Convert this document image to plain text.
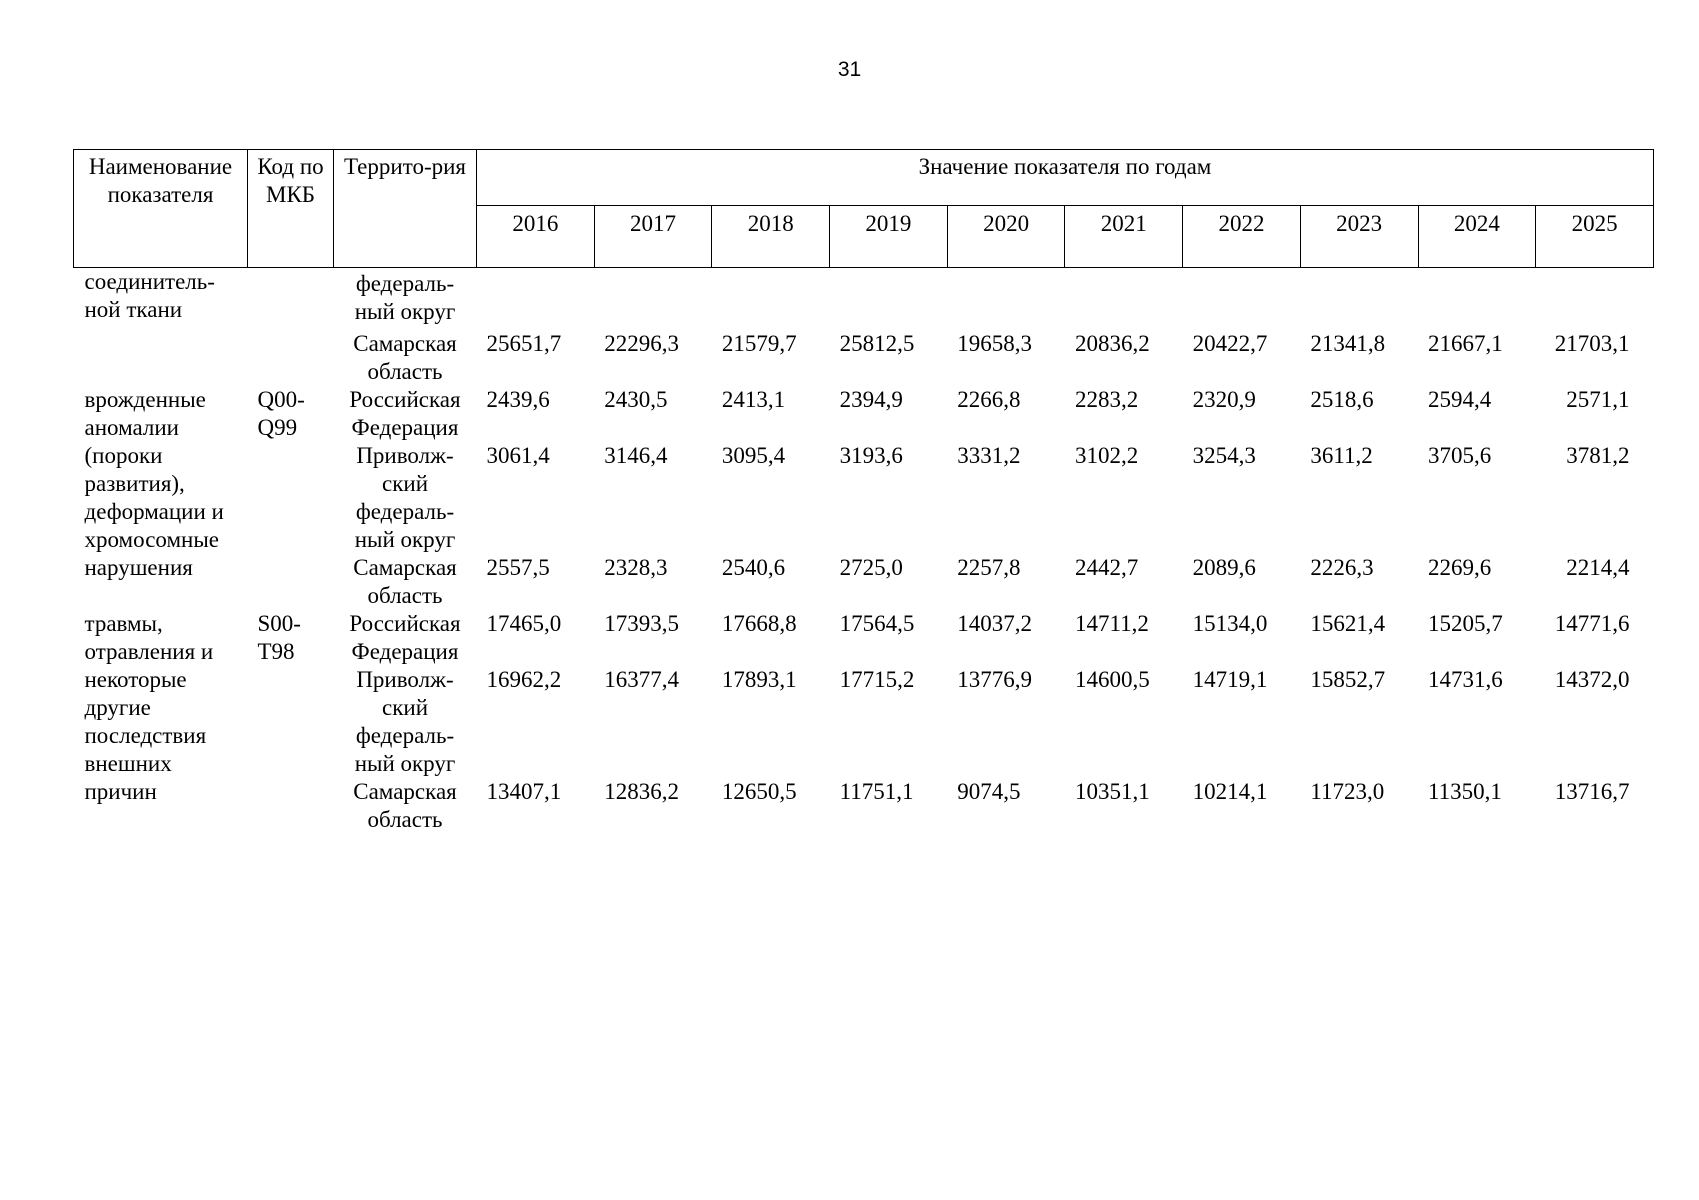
31
Наименование показателя	Код по МКБ	Террито-рия	Значение показателя по годам									
			2016	2017	2018	2019	2020	2021	2022	2023	2024	2025
соединитель-ной ткани		федераль-ный округ										
		Самарская область	25651,7	22296,3	21579,7	25812,5	19658,3	20836,2	20422,7	21341,8	21667,1	21703,1
врожденные аномалии (пороки развития), деформации и хромосомные нарушения	Q00-Q99	Российская Федерация	2439,6	2430,5	2413,1	2394,9	2266,8	2283,2	2320,9	2518,6	2594,4	2571,1
		Приволж-ский федераль-ный округ	3061,4	3146,4	3095,4	3193,6	3331,2	3102,2	3254,3	3611,2	3705,6	3781,2
		Самарская область	2557,5	2328,3	2540,6	2725,0	2257,8	2442,7	2089,6	2226,3	2269,6	2214,4
травмы, отравления и некоторые другие последствия внешних причин	S00-T98	Российская Федерация	17465,0	17393,5	17668,8	17564,5	14037,2	14711,2	15134,0	15621,4	15205,7	14771,6
		Приволж-ский федераль-ный округ	16962,2	16377,4	17893,1	17715,2	13776,9	14600,5	14719,1	15852,7	14731,6	14372,0
		Самарская область	13407,1	12836,2	12650,5	11751,1	9074,5	10351,1	10214,1	11723,0	11350,1	13716,7
